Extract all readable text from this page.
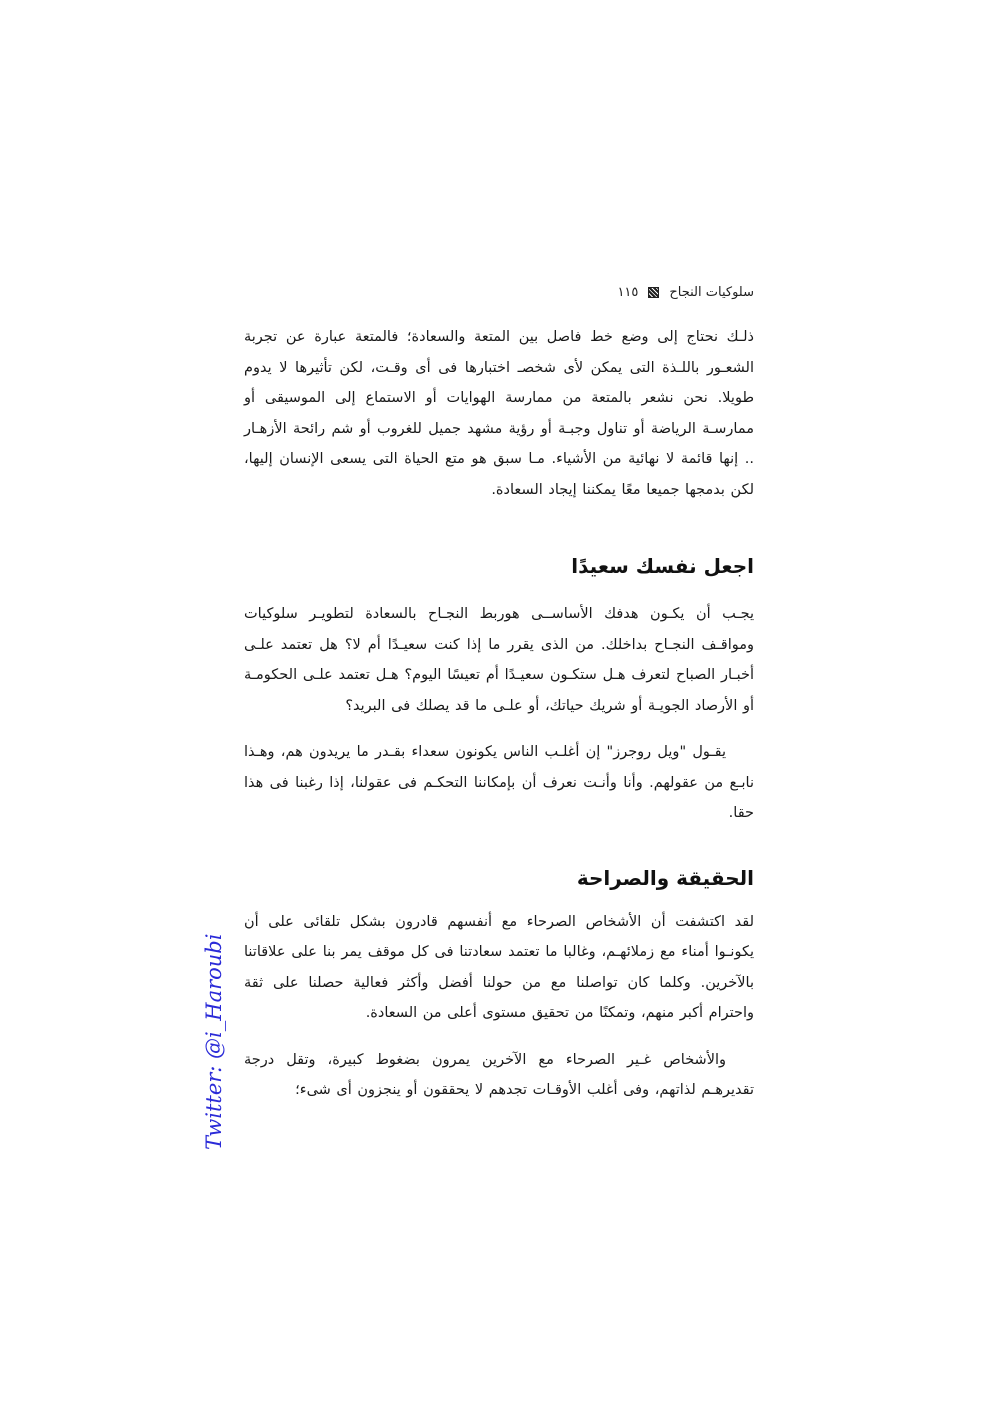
سلوكيات النجاح
١١٥

ذلـك نحتاج إلى وضع خط فاصل بين المتعة والسعادة؛ فالمتعة عبارة عن تجربة الشعـور باللـذة التى يمكن لأى شخصـ اختبارها فى أى وقـت، لكن تأثيرها لا يدوم طويلا. نحن نشعر بالمتعة من ممارسة الهوايات أو الاستماع إلى الموسيقى أو ممارسـة الرياضة أو تناول وجبـة أو رؤية مشهد جميل للغروب أو شم رائحة الأزهـار .. إنها قائمة لا نهائية من الأشياء. مـا سبق هو متع الحياة التى يسعى الإنسان إليها، لكن بدمجها جميعا معًا يمكننا إيجاد السعادة.

اجعل نفسك سعيدًا

يجـب أن يكـون هدفك الأساســى هوربط النجـاح بالسعادة لتطويـر سلوكيات ومواقـف النجـاح بداخلك. من الذى يقرر ما إذا كنت سعيـدًا أم لا؟ هل تعتمد علـى أخبـار الصباح لتعرف هـل ستكـون سعيـدًا أم تعيسًا اليوم؟ هـل تعتمد علـى الحكومـة أو الأرصاد الجويـة أو شريك حياتك، أو علـى ما قد يصلك فى البريد؟

يقـول "ويل روجرز" إن أغلـب الناس يكونون سعداء بقـدر ما يريدون هم، وهـذا نابـع من عقولهم. وأنا وأنـت نعرف أن بإمكاننا التحكـم فى عقولنا، إذا رغبنا فى هذا حقا.

الحقيقة والصراحة

لقد اكتشفت أن الأشخاص الصرحاء مع أنفسهم قادرون بشكل تلقائى على أن يكونـوا أمناء مع زملائهـم، وغالبا ما تعتمد سعادتنا فى كل موقف يمر بنا على علاقاتنا بالآخرين. وكلما كان تواصلنا مع من حولنا أفضل وأكثر فعالية حصلنا على ثقة واحترام أكبر منهم، وتمكنًا من تحقيق مستوى أعلى من السعادة.

والأشخاص غـير الصرحاء مع الآخرين يمرون بضغوط كبيرة، وتقل درجة تقديرهـم لذاتهم، وفى أغلب الأوقـات تجدهم لا يحققون أو ينجزون أى شىء؛

Twitter: @i_Haroubi
